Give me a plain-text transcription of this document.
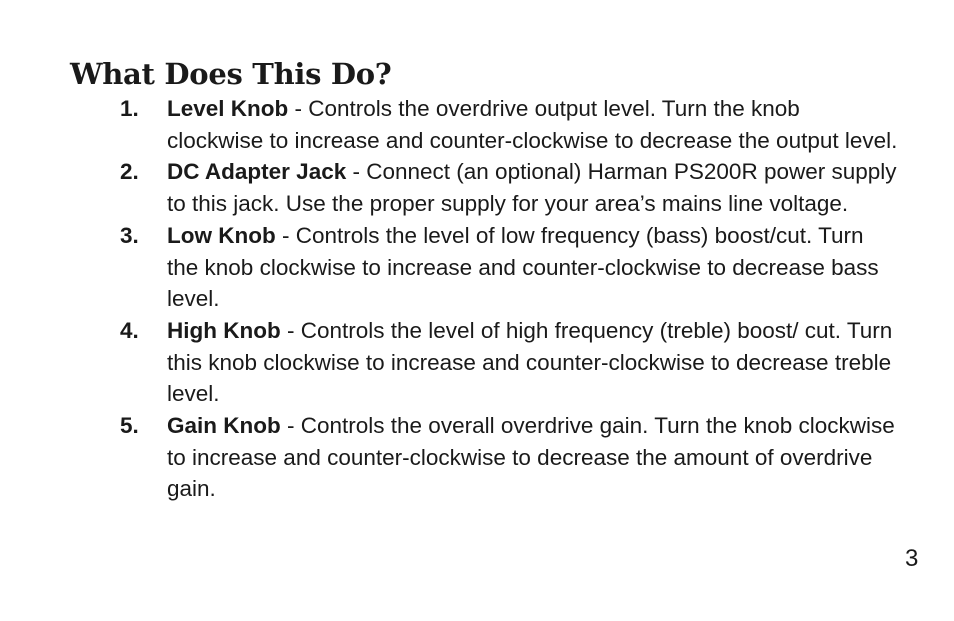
What Does This Do?
1. Level Knob - Controls the overdrive output level. Turn the knob clockwise to increase and counter-clockwise to decrease the output level.
2. DC Adapter Jack - Connect (an optional) Harman PS200R power supply to this jack. Use the proper supply for your area’s mains line voltage.
3. Low Knob - Controls the level of low frequency (bass) boost/cut. Turn the knob clockwise to increase and counter-clockwise to decrease bass level.
4. High Knob - Controls the level of high frequency (treble) boost/ cut. Turn this knob clockwise to increase and counter-clockwise to decrease treble level.
5. Gain Knob - Controls the overall overdrive gain. Turn the knob clockwise to increase and counter-clockwise to decrease the amount of overdrive gain.
3
